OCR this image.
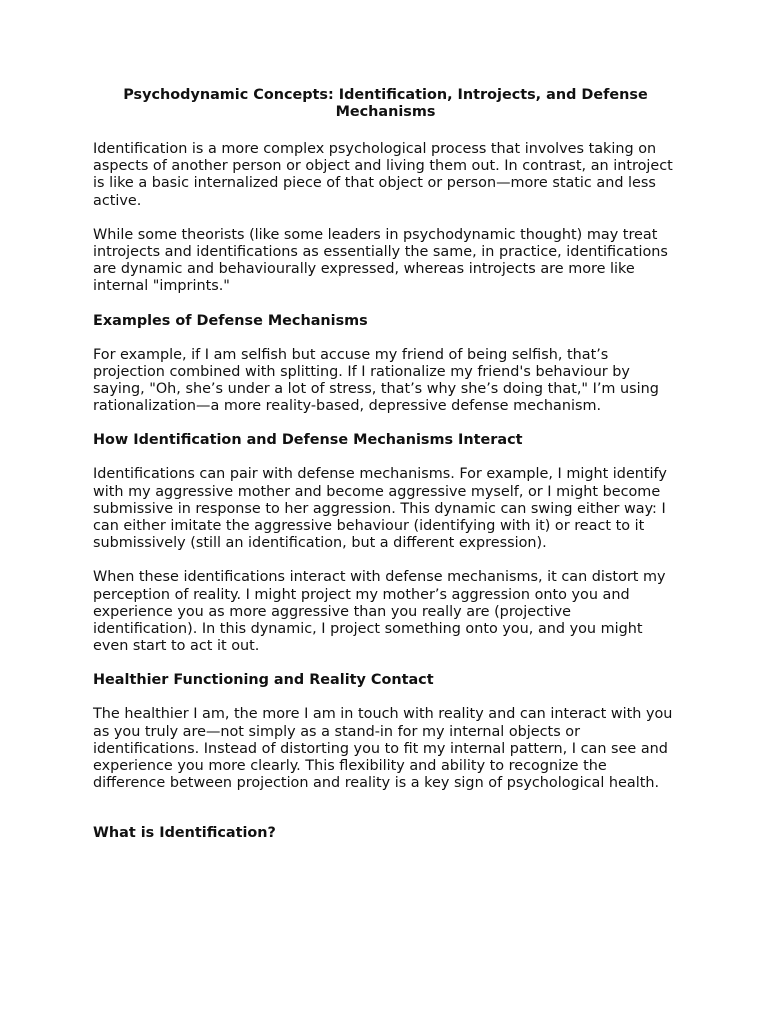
Psychodynamic Concepts: Identification, Introjects, and Defense Mechanisms

Identification is a more complex psychological process that involves taking on aspects of another person or object and living them out. In contrast, an introject is like a basic internalized piece of that object or person—more static and less active.

While some theorists (like some leaders in psychodynamic thought) may treat introjects and identifications as essentially the same, in practice, identifications are dynamic and behaviourally expressed, whereas introjects are more like internal "imprints."

Examples of Defense Mechanisms

For example, if I am selfish but accuse my friend of being selfish, that’s projection combined with splitting. If I rationalize my friend's behaviour by saying, "Oh, she’s under a lot of stress, that’s why she’s doing that," I’m using rationalization—a more reality-based, depressive defense mechanism.

How Identification and Defense Mechanisms Interact

Identifications can pair with defense mechanisms. For example, I might identify with my aggressive mother and become aggressive myself, or I might become submissive in response to her aggression. This dynamic can swing either way: I can either imitate the aggressive behaviour (identifying with it) or react to it submissively (still an identification, but a different expression).

When these identifications interact with defense mechanisms, it can distort my perception of reality. I might project my mother’s aggression onto you and experience you as more aggressive than you really are (projective identification). In this dynamic, I project something onto you, and you might even start to act it out.

Healthier Functioning and Reality Contact

The healthier I am, the more I am in touch with reality and can interact with you as you truly are—not simply as a stand-in for my internal objects or identifications. Instead of distorting you to fit my internal pattern, I can see and experience you more clearly. This flexibility and ability to recognize the difference between projection and reality is a key sign of psychological health.

What is Identification?
